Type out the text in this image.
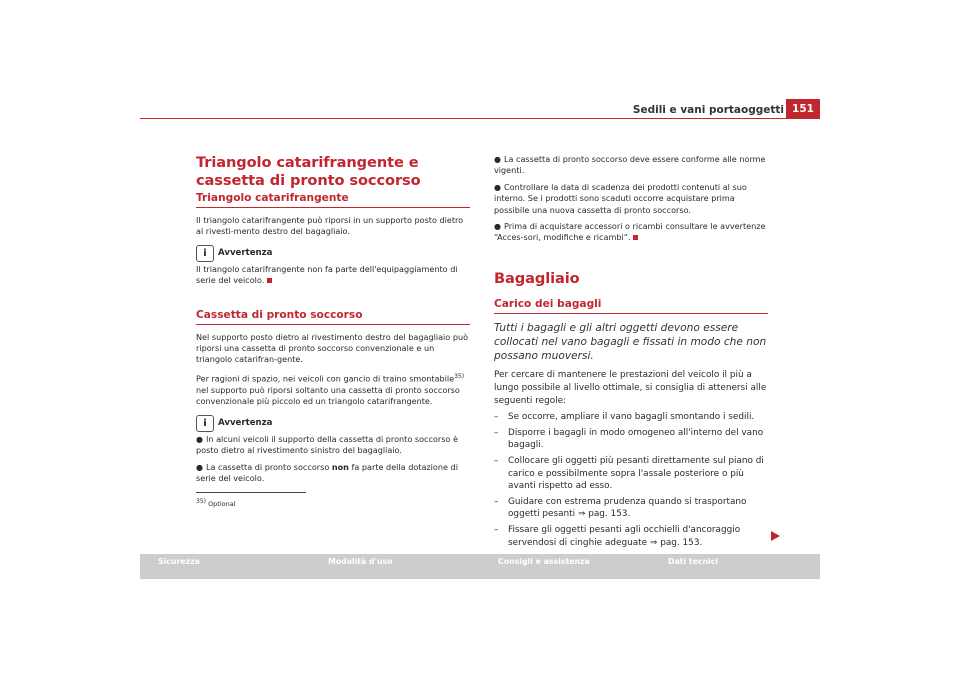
Sedili e vani portaoggetti 151
Triangolo catarifrangente e cassetta di pronto soccorso
Triangolo catarifrangente

Il triangolo catarifrangente può riporsi in un supporto posto dietro al rivesti-mento destro del bagagliaio.

i Avvertenza

Il triangolo catarifrangente non fa parte dell'equipaggiamento di serie del veicolo.

Cassetta di pronto soccorso

Nel supporto posto dietro al rivestimento destro del bagagliaio può riporsi una cassetta di pronto soccorso convenzionale e un triangolo catarifran-gente.

Per ragioni di spazio, nei veicoli con gancio di traino smontabile$^{35)}$ nel supporto può riporsi soltanto una cassetta di pronto soccorso convenzionale più piccolo ed un triangolo catarifrangente.

i Avvertenza

● In alcuni veicoli il supporto della cassetta di pronto soccorso è posto dietro al rivestimento sinistro del bagagliaio.

● La cassetta di pronto soccorso non fa parte della dotazione di serie del veicolo.

$^{35)}$ Optional

● La cassetta di pronto soccorso deve essere conforme alle norme vigenti.

● Controllare la data di scadenza dei prodotti contenuti al suo interno. Se i prodotti sono scaduti occorre acquistare prima possibile una nuova cassetta di pronto soccorso.

● Prima di acquistare accessori o ricambi consultare le avvertenze “Acces-sori, modifiche e ricambi“.

Bagagliaio
Carico dei bagagli
Tutti i bagagli e gli altri oggetti devono essere collocati nel vano bagagli e fissati in modo che non possano muoversi.

Per cercare di mantenere le prestazioni del veicolo il più a lungo possibile al livello ottimale, si consiglia di attenersi alle seguenti regole:

–	Se occorre, ampliare il vano bagagli smontando i sedili.
–	Disporre i bagagli in modo omogeneo all'interno del vano bagagli.
–	Collocare gli oggetti più pesanti direttamente sul piano di carico e possibilmente sopra l'assale posteriore o più avanti rispetto ad esso.
–	Guidare con estrema prudenza quando si trasportano oggetti pesanti ⇒ pag. 153.
–	Fissare gli oggetti pesanti agli occhielli d'ancoraggio servendosi di cinghie adeguate ⇒ pag. 153.
Sicurezza	Modalità d'uso	Consigli e assistenza	Dati tecnici
